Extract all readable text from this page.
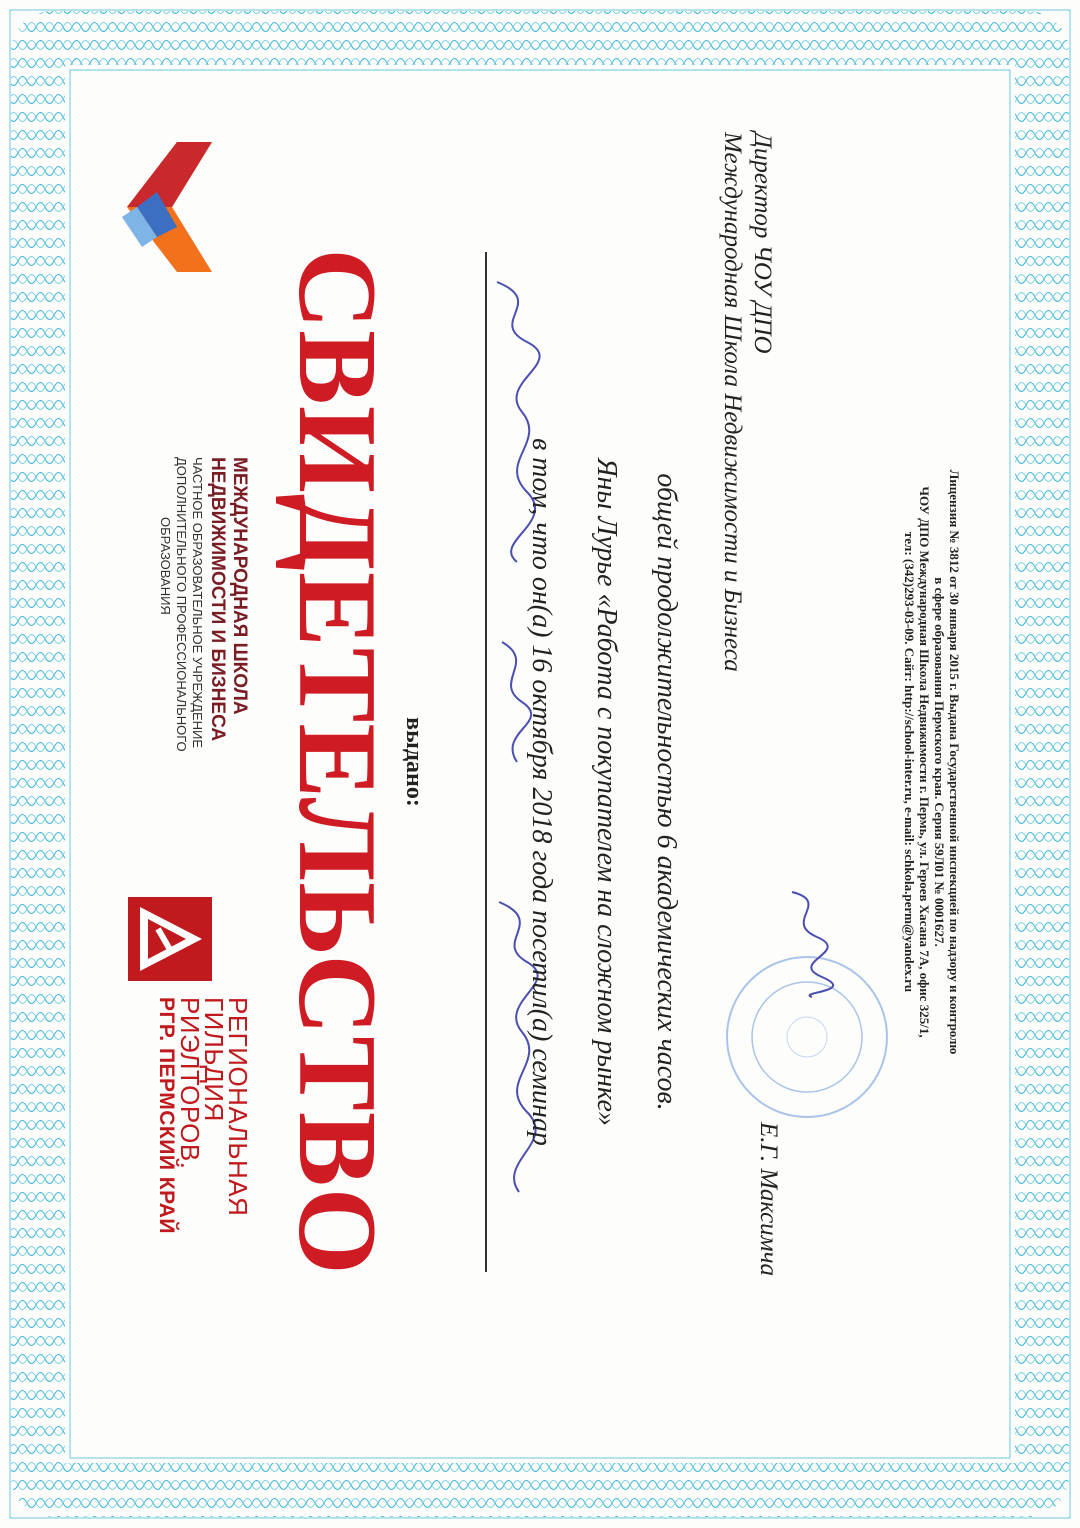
МЕЖДУНАРОДНАЯ ШКОЛА
НЕДВИЖИМОСТИ И БИЗНЕСА
ЧАСТНОЕ ОБРАЗОВАТЕЛЬНОЕ УЧРЕЖДЕНИЕ
ДОПОЛНИТЕЛЬНОГО ПРОФЕССИОНАЛЬНОГО
ОБРАЗОВАНИЯ
РЕГИОНАЛЬНАЯ
ГИЛЬДИЯ
РИЭЛТОРОВ.
РГР. ПЕРМСКИЙ КРАЙ СВИДЕТЕЛЬСТВО выдано:	в том, что он(а) 16 октября 2018 года посетил(а) семинар Яны Лурье «Работа с покупателем на сложном рынке» общей продолжительностью 6 академических часов.
Директор ЧОУ ДПО
Международная Школа Недвижимости и Бизнеса
Е.Г. Максимча

Лицензия № 3812 от 30 января 2015 г. Выдана Государственной инспекцией по надзору и контролю

в сфере образования Пермского края. Серия 59Л01 № 0001627.

ЧОУ ДПО Международная Школа Недвижимости г. Пермь, ул. Героев Хасана 7А, офис 325/1,

тел: (342)293-03-09. Сайт: http://school-inter.ru, e-mail: schkola.perm@yandex.ru
